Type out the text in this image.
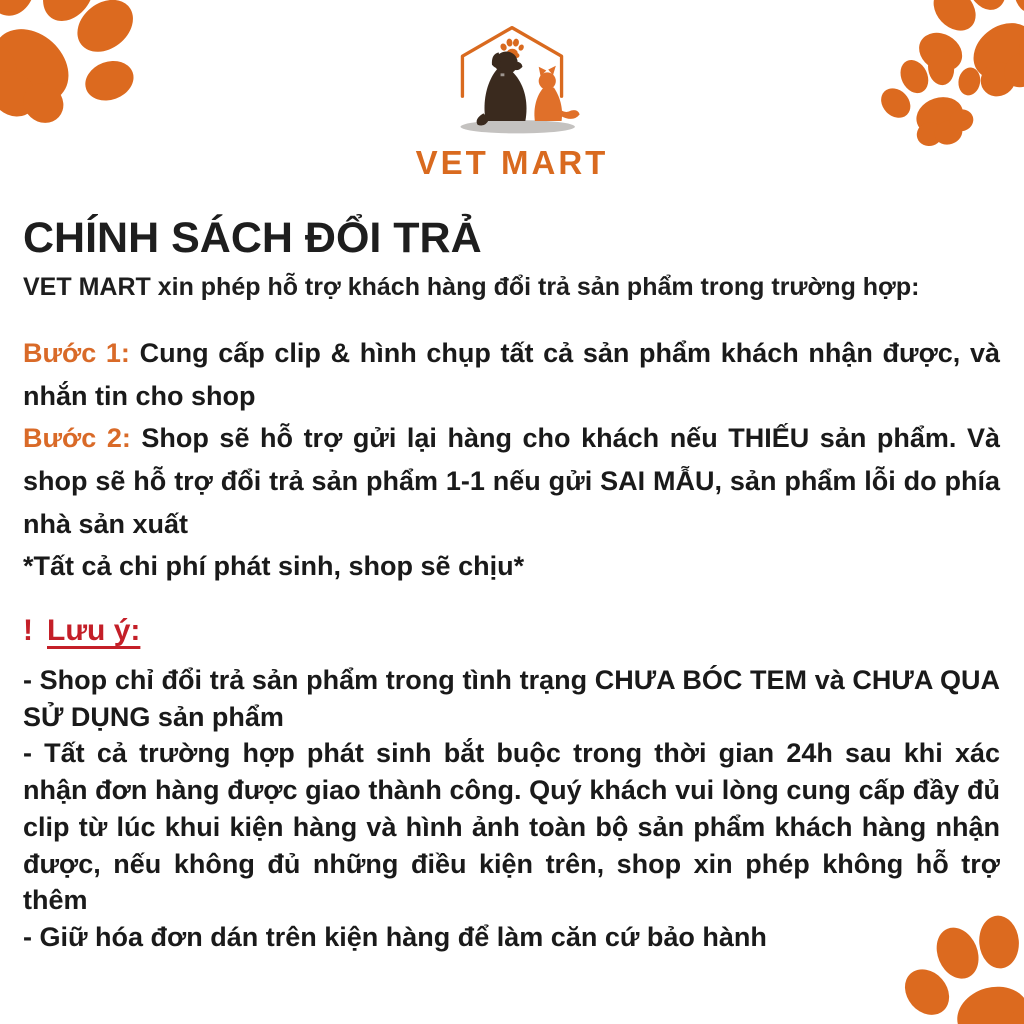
VET MART
CHÍNH SÁCH ĐỔI TRẢ
VET MART xin phép hỗ trợ khách hàng đổi trả sản phẩm trong trường hợp:

Bước 1: Cung cấp clip & hình chụp tất cả sản phẩm khách nhận được, và nhắn tin cho shop

Bước 2: Shop sẽ hỗ trợ gửi lại hàng cho khách nếu THIẾU sản phẩm. Và shop sẽ hỗ trợ đổi trả sản phẩm 1-1 nếu gửi SAI MẪU, sản phẩm lỗi do phía nhà sản xuất

*Tất cả chi phí phát sinh, shop sẽ chịu*
! Lưu ý:

- Shop chỉ đổi trả sản phẩm trong tình trạng CHƯA BÓC TEM và CHƯA QUA SỬ DỤNG sản phẩm

- Tất cả trường hợp phát sinh bắt buộc trong thời gian 24h sau khi xác nhận đơn hàng được giao thành công. Quý khách vui lòng cung cấp đầy đủ clip từ lúc khui kiện hàng và hình ảnh toàn bộ sản phẩm khách hàng nhận được, nếu không đủ những điều kiện trên, shop xin phép không hỗ trợ thêm

- Giữ hóa đơn dán trên kiện hàng để làm căn cứ bảo hành
